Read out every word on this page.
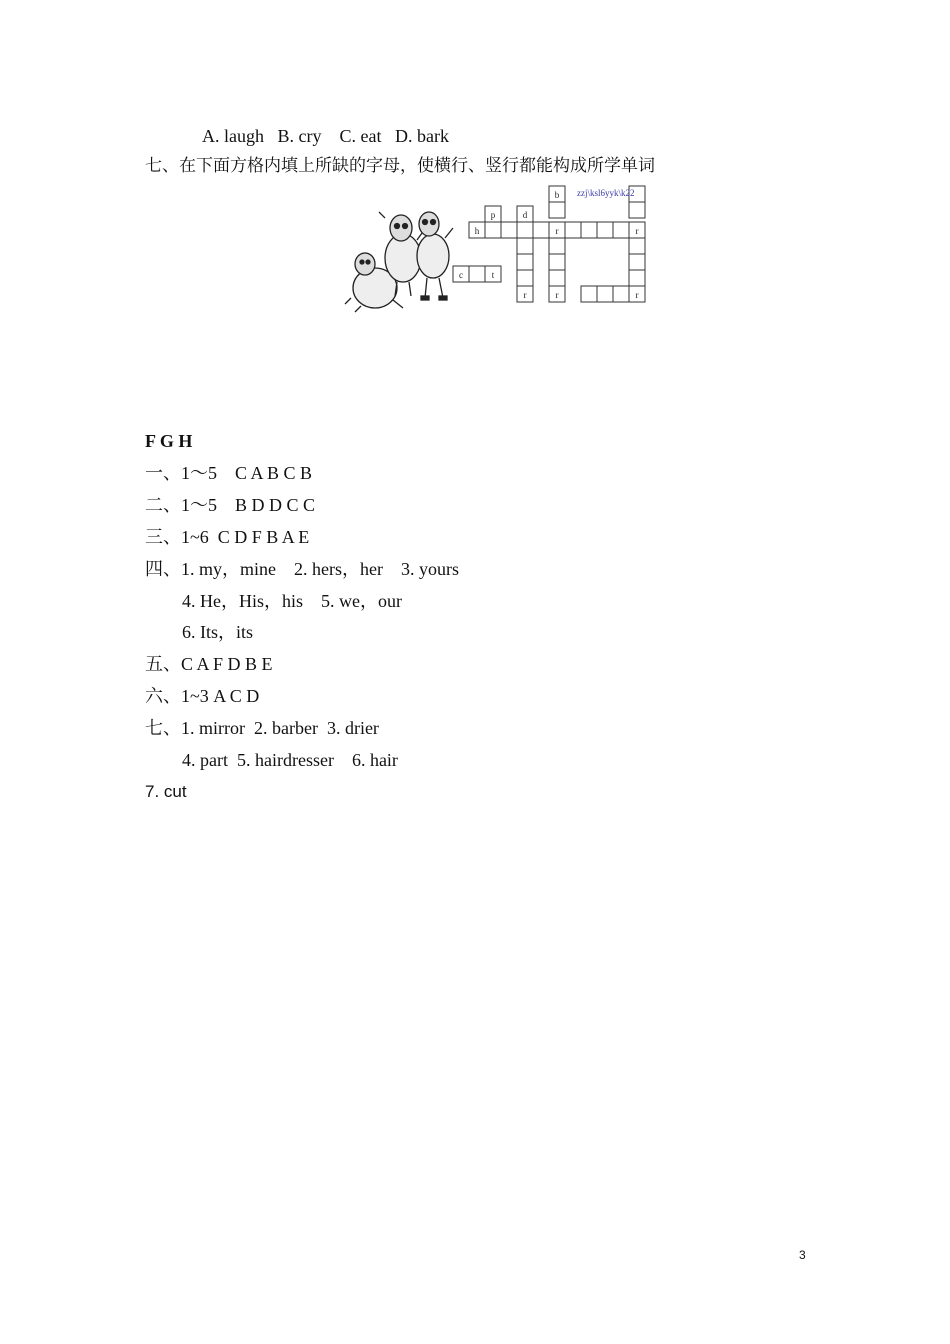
A. laugh   B. cry    C. eat   D. bark
七、在下面方格内填上所缺的字母，使横行、竖行都能构成所学单词
b
p	d
h	r	r
c	t
r	r	r
zzj\ksl6yyk\k22
F G H
一、1～5    C A B C B
二、1～5    B D D C C
三、1~6  C D F B A E
四、1. my，mine    2. hers，her    3. yours
4. He，His，his    5. we，our
6. Its，its
五、C A F D B E
六、1~3 A C D
七、1. mirror  2. barber  3. drier
4. part  5. hairdresser    6. hair
7. cut
3
